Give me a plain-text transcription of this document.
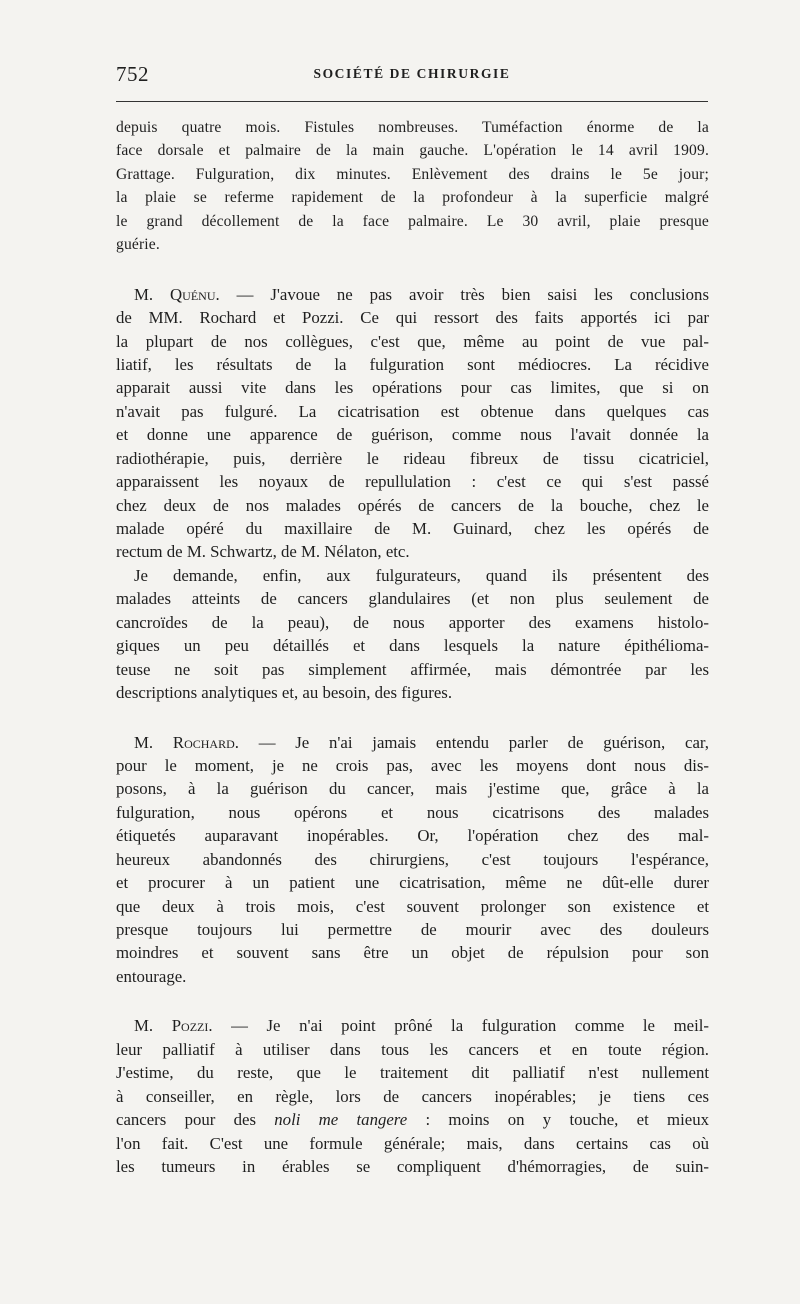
752	SOCIÉTÉ DE CHIRURGIE
depuis quatre mois. Fistules nombreuses. Tuméfaction énorme de la
face dorsale et palmaire de la main gauche. L'opération le 14 avril 1909.
Grattage. Fulguration, dix minutes. Enlèvement des drains le 5e jour;
la plaie se referme rapidement de la profondeur à la superficie malgré
le grand décollement de la face palmaire. Le 30 avril, plaie presque
guérie.
M. Quénu. — J'avoue ne pas avoir très bien saisi les conclusions
de MM. Rochard et Pozzi. Ce qui ressort des faits apportés ici par
la plupart de nos collègues, c'est que, même au point de vue pal-
liatif, les résultats de la fulguration sont médiocres. La récidive
apparait aussi vite dans les opérations pour cas limites, que si on
n'avait pas fulguré. La cicatrisation est obtenue dans quelques cas
et donne une apparence de guérison, comme nous l'avait donnée la
radiothérapie, puis, derrière le rideau fibreux de tissu cicatriciel,
apparaissent les noyaux de repullulation : c'est ce qui s'est passé
chez deux de nos malades opérés de cancers de la bouche, chez le
malade opéré du maxillaire de M. Guinard, chez les opérés de
rectum de M. Schwartz, de M. Nélaton, etc.
Je demande, enfin, aux fulgurateurs, quand ils présentent des
malades atteints de cancers glandulaires (et non plus seulement de
cancroïdes de la peau), de nous apporter des examens histolo-
giques un peu détaillés et dans lesquels la nature épithélioma-
teuse ne soit pas simplement affirmée, mais démontrée par les
descriptions analytiques et, au besoin, des figures.
M. Rochard. — Je n'ai jamais entendu parler de guérison, car,
pour le moment, je ne crois pas, avec les moyens dont nous dis-
posons, à la guérison du cancer, mais j'estime que, grâce à la
fulguration, nous opérons et nous cicatrisons des malades
étiquetés auparavant inopérables. Or, l'opération chez des mal-
heureux abandonnés des chirurgiens, c'est toujours l'espérance,
et procurer à un patient une cicatrisation, même ne dût-elle durer
que deux à trois mois, c'est souvent prolonger son existence et
presque toujours lui permettre de mourir avec des douleurs
moindres et souvent sans être un objet de répulsion pour son
entourage.
M. Pozzi. — Je n'ai point prôné la fulguration comme le meil-
leur palliatif à utiliser dans tous les cancers et en toute région.
J'estime, du reste, que le traitement dit palliatif n'est nullement
à conseiller, en règle, lors de cancers inopérables; je tiens ces
cancers pour des noli me tangere : moins on y touche, et mieux
l'on fait. C'est une formule générale; mais, dans certains cas où
les tumeurs in érables se compliquent d'hémorragies, de suin-
